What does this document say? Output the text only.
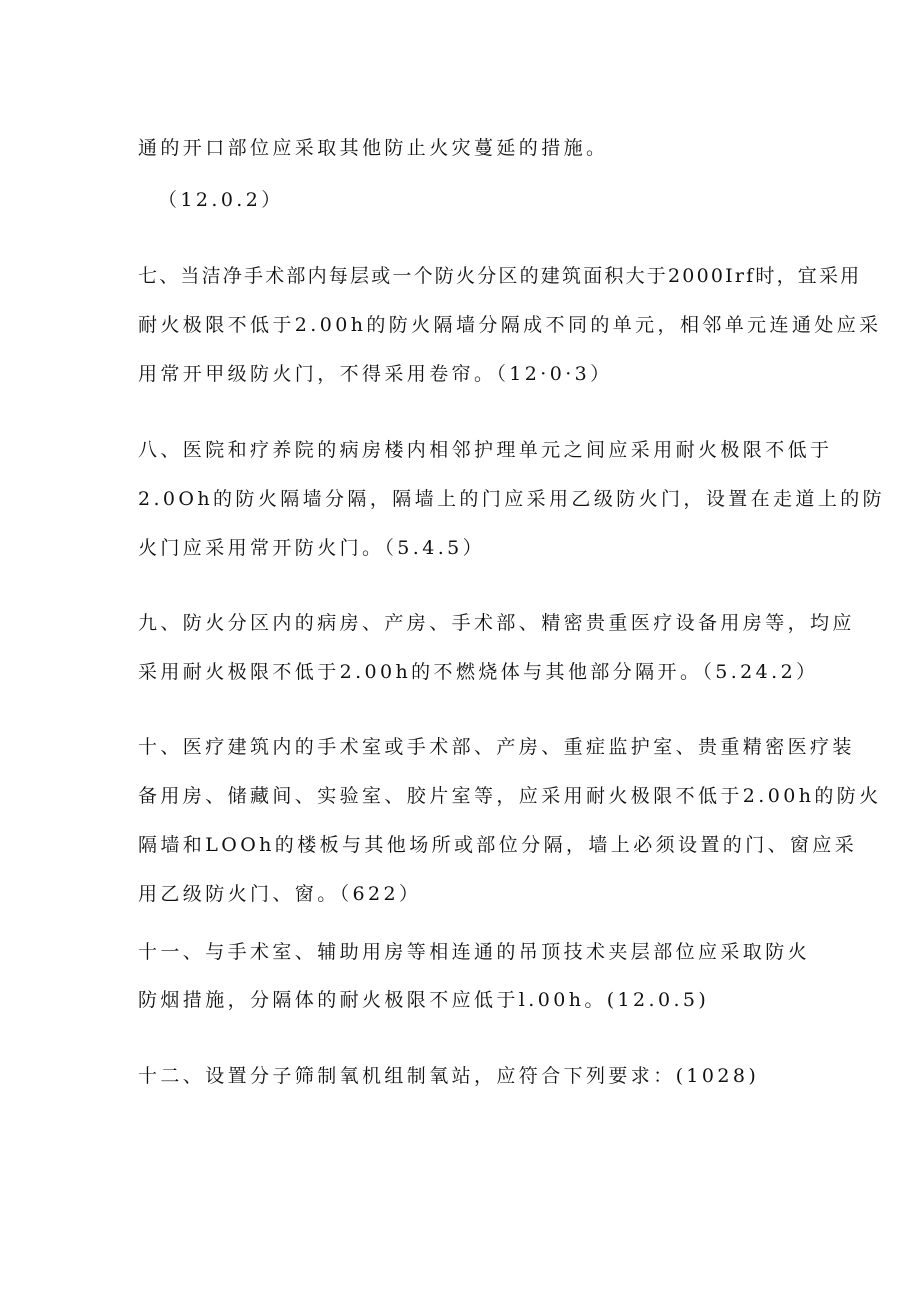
通的开口部位应采取其他防止火灾蔓延的措施。
（12.0.2）
七、当洁净手术部内每层或一个防火分区的建筑面积大于2000Irf时，宜采用
耐火极限不低于2.00h的防火隔墙分隔成不同的单元，相邻单元连通处应采
用常开甲级防火门，不得采用卷帘。（12·0·3）
八、医院和疗养院的病房楼内相邻护理单元之间应采用耐火极限不低于
2.0Oh的防火隔墙分隔，隔墙上的门应采用乙级防火门，设置在走道上的防
火门应采用常开防火门。（5.4.5）
九、防火分区内的病房、产房、手术部、精密贵重医疗设备用房等，均应
采用耐火极限不低于2.00h的不燃烧体与其他部分隔开。（5.24.2）
十、医疗建筑内的手术室或手术部、产房、重症监护室、贵重精密医疗装
备用房、储藏间、实验室、胶片室等，应采用耐火极限不低于2.00h的防火
隔墙和LOOh的楼板与其他场所或部位分隔，墙上必须设置的门、窗应采
用乙级防火门、窗。（622）
十一、与手术室、辅助用房等相连通的吊顶技术夹层部位应采取防火
防烟措施，分隔体的耐火极限不应低于l.00h。(12.0.5)
十二、设置分子筛制氧机组制氧站，应符合下列要求：(1028)
